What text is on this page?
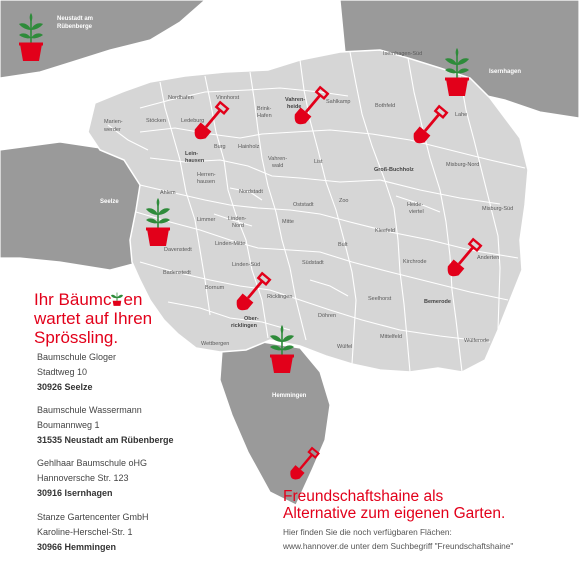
Neustadt am
Rübenberge
Isernhagen
Seelze
Hemmingen
Isernhagen-Süd
Nordhafen	Vinnhorst
Marien-
werder
Stöcken	Ledeburg
Brink-
Hafen
Vahren-
heide
Sahlkamp
Bothfeld
Lahe
Lein-
hausen
Burg Hainholz
Vahren-
wald
List
Groß-Buchholz
Misburg-Nord
Herren-
hausen
Ahlem	Nordstadt
Oststadt
Zoo
Heide-
viertel	Misburg-Süd
Limmer Linden-
Nord
Mitte
Kleefeld
Davenstedt
Linden-Mitte	Bult
Linden-Süd	Südstadt	Kirchrode
Anderten
Badenstedt
Bornum
Ricklingen	Seelhorst	Bemerode
Ober-
ricklingen
Döhren
Wettbergen	Wülfel
Mittelfeld
Wülferode
Ihr Bäumc en
wartet auf Ihren
Sprössling.
Baumschule Gloger
Stadtweg 10
30926 Seelze
Baumschule Wassermann
Boumannweg 1
31535 Neustadt am Rübenberge
Gehlhaar Baumschule oHG
Hannoversche Str. 123
30916 Isernhagen
Stanze Gartencenter GmbH
Karoline-Herschel-Str. 1
30966 Hemmingen
Freundschaftshaine als
Alternative zum eigenen Garten.
Hier finden Sie die noch verfügbaren Flächen:
www.hannover.de unter dem Suchbegriff "Freundschaftshaine"
